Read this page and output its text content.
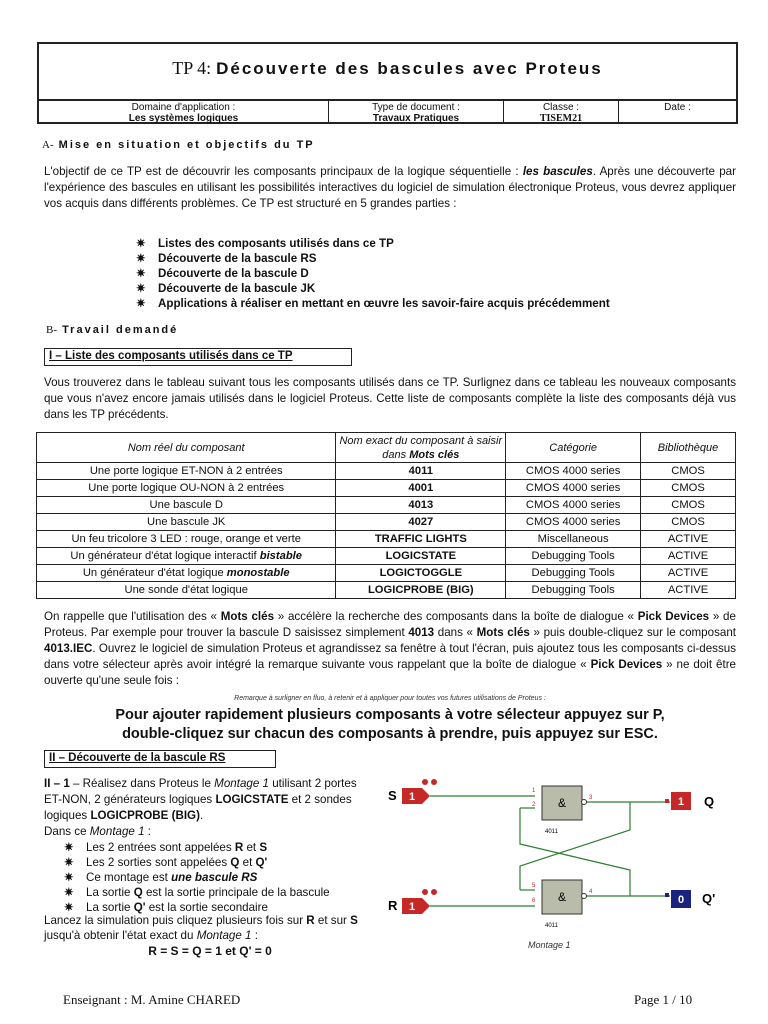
TP 4: Découverte des bascules avec Proteus
Domaine d'application :
Les systèmes logiques
Type de document :
Travaux Pratiques
Classe :
TISEM21
Date :
A- Mise en situation et objectifs du TP
L'objectif de ce TP est de découvrir les composants principaux de la logique séquentielle : les bascules. Après une découverte par l'expérience des bascules en utilisant les possibilités interactives du logiciel de simulation électronique Proteus, vous devrez appliquer vos acquis dans différents problèmes. Ce TP est structuré en 5 grandes parties :
✷ Listes des composants utilisés dans ce TP
✷ Découverte de la bascule RS
✷ Découverte de la bascule D
✷ Découverte de la bascule JK
✷ Applications à réaliser en mettant en œuvre les savoir-faire acquis précédemment
B- Travail demandé
I – Liste des composants utilisés dans ce TP
Vous trouverez dans le tableau suivant tous les composants utilisés dans ce TP. Surlignez dans ce tableau les nouveaux composants que vous n'avez encore jamais utilisés dans le logiciel Proteus. Cette liste de composants complète la liste des composants déjà vus dans les TP précédents.
Nom réel du composant	Nom exact du composant à saisir dans Mots clés	Catégorie	Bibliothèque
Une porte logique ET-NON à 2 entrées	4011	CMOS 4000 series	CMOS
Une porte logique OU-NON à 2 entrées	4001	CMOS 4000 series	CMOS
Une bascule D	4013	CMOS 4000 series	CMOS
Une bascule JK	4027	CMOS 4000 series	CMOS
Un feu tricolore 3 LED : rouge, orange et verte	TRAFFIC LIGHTS	Miscellaneous	ACTIVE
Un générateur d'état logique interactif bistable	LOGICSTATE	Debugging Tools	ACTIVE
Un générateur d'état logique monostable	LOGICTOGGLE	Debugging Tools	ACTIVE
Une sonde d'état logique	LOGICPROBE (BIG)	Debugging Tools	ACTIVE
On rappelle que l'utilisation des « Mots clés » accélère la recherche des composants dans la boîte de dialogue « Pick Devices » de Proteus. Par exemple pour trouver la bascule D saisissez simplement 4013 dans « Mots clés » puis double-cliquez sur le composant 4013.IEC. Ouvrez le logiciel de simulation Proteus et agrandissez sa fenêtre à tout l'écran, puis ajoutez tous les composants ci-dessus dans votre sélecteur après avoir intégré la remarque suivante vous rappelant que la boîte de dialogue « Pick Devices » ne doit être ouverte qu'une seule fois :
Remarque à surligner en fluo, à retenir et à appliquer pour toutes vos futures utilisations de Proteus :
Pour ajouter rapidement plusieurs composants à votre sélecteur appuyez sur P,
double-cliquez sur chacun des composants à prendre, puis appuyez sur ESC.
II – Découverte de la bascule RS
II – 1 – Réalisez dans Proteus le Montage 1 utilisant 2 portes ET-NON, 2 générateurs logiques LOGICSTATE et 2 sondes logiques LOGICPROBE (BIG).
Dans ce Montage 1 :
✷ Les 2 entrées sont appelées R et S
✷ Les 2 sorties sont appelées Q et Q'
✷ Ce montage est une bascule RS
✷ La sortie Q est la sortie principale de la bascule
✷ La sortie Q' est la sortie secondaire
Lancez la simulation puis cliquez plusieurs fois sur R et sur S jusqu'à obtenir l'état exact du Montage 1 :
R = S = Q = 1 et Q' = 0
S 1
R 1
&
4011
1
2
3
&
4011
5
6
4
1 Q
0 Q'
Montage 1
Enseignant : M. Amine CHARED	Page 1 / 10
